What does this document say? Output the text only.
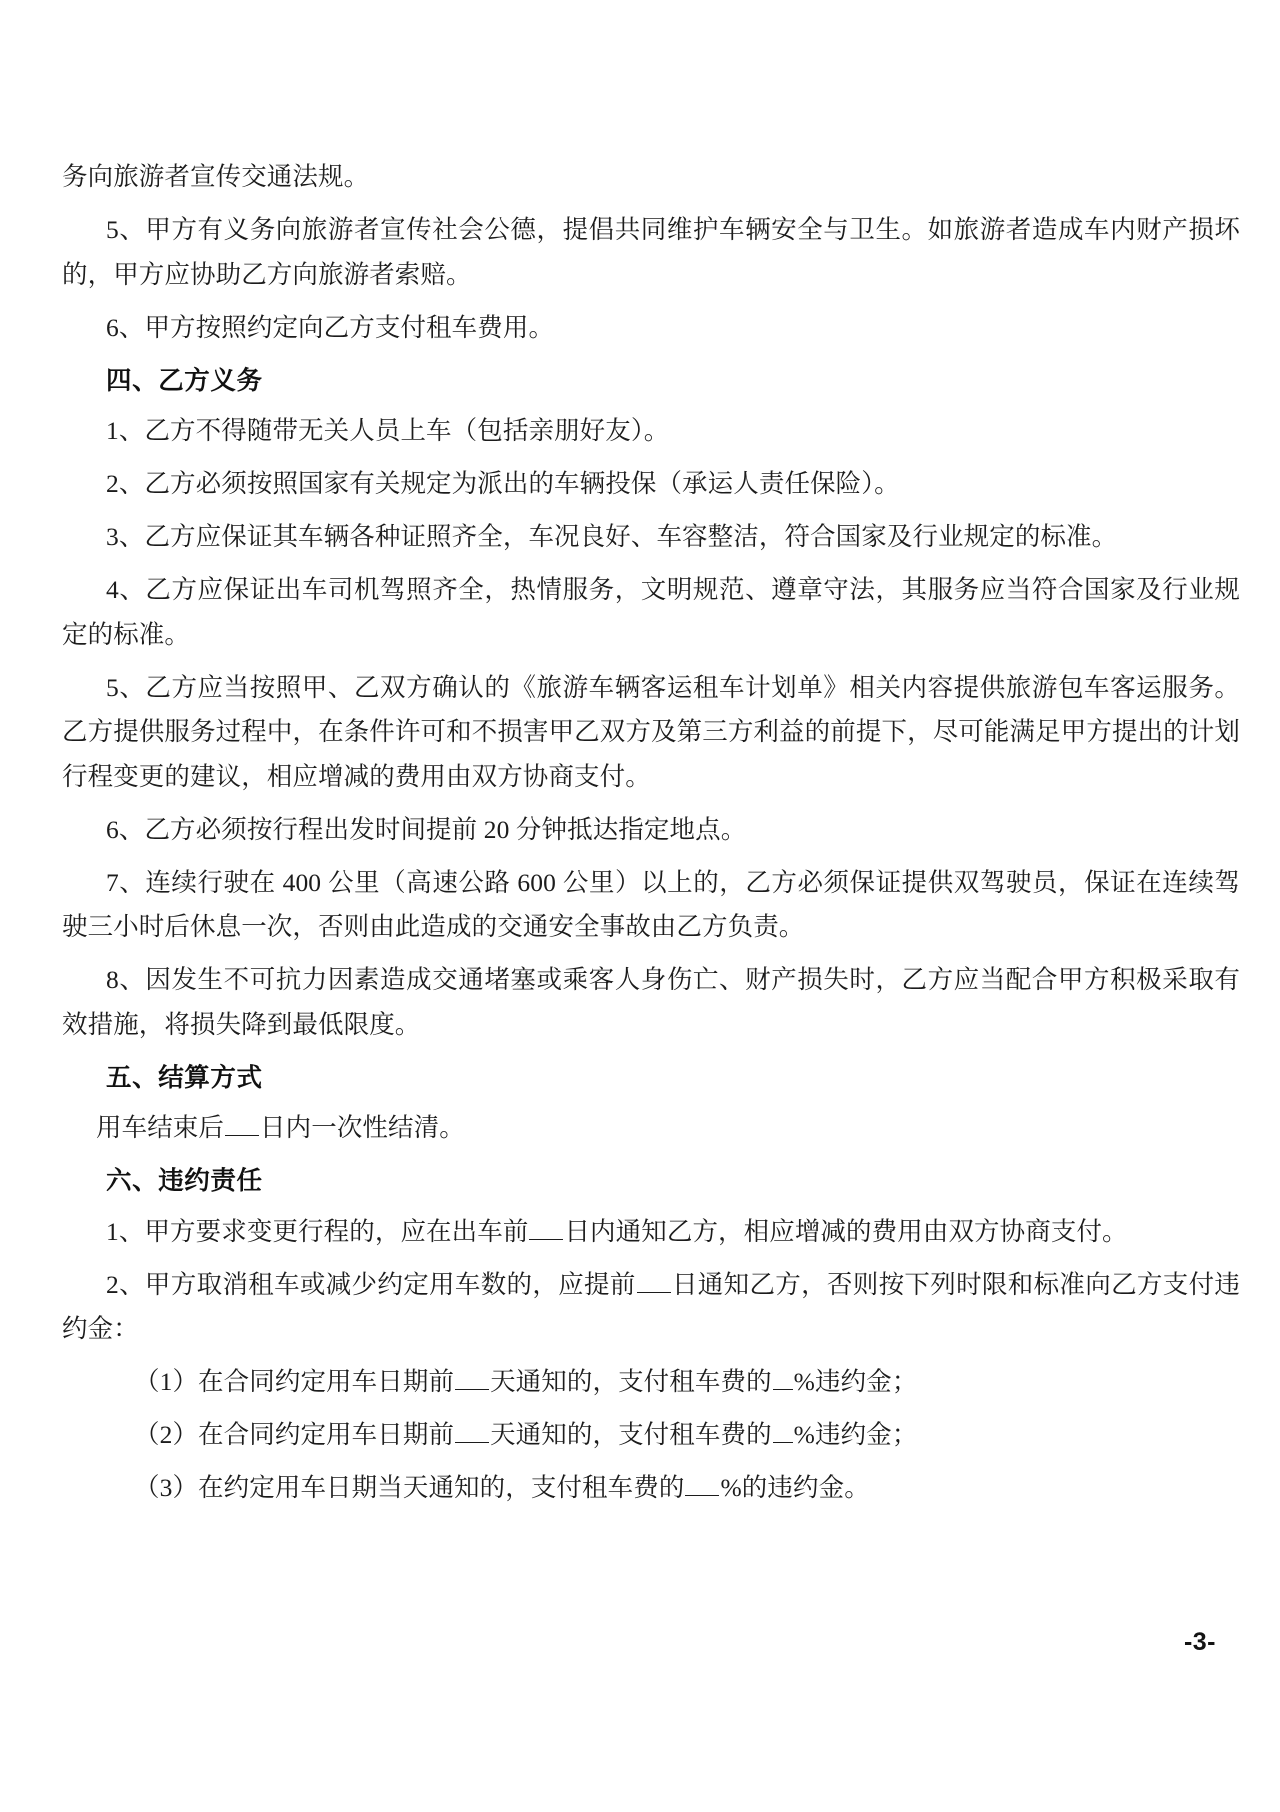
务向旅游者宣传交通法规。

5、甲方有义务向旅游者宣传社会公德，提倡共同维护车辆安全与卫生。如旅游者造成车内财产损坏的，甲方应协助乙方向旅游者索赔。

6、甲方按照约定向乙方支付租车费用。

四、乙方义务

1、乙方不得随带无关人员上车（包括亲朋好友）。

2、乙方必须按照国家有关规定为派出的车辆投保（承运人责任保险）。

3、乙方应保证其车辆各种证照齐全，车况良好、车容整洁，符合国家及行业规定的标准。

4、乙方应保证出车司机驾照齐全，热情服务，文明规范、遵章守法，其服务应当符合国家及行业规定的标准。

5、乙方应当按照甲、乙双方确认的《旅游车辆客运租车计划单》相关内容提供旅游包车客运服务。乙方提供服务过程中，在条件许可和不损害甲乙双方及第三方利益的前提下，尽可能满足甲方提出的计划行程变更的建议，相应增减的费用由双方协商支付。

6、乙方必须按行程出发时间提前 20 分钟抵达指定地点。

7、连续行驶在 400 公里（高速公路 600 公里）以上的，乙方必须保证提供双驾驶员，保证在连续驾驶三小时后休息一次，否则由此造成的交通安全事故由乙方负责。

8、因发生不可抗力因素造成交通堵塞或乘客人身伤亡、财产损失时，乙方应当配合甲方积极采取有效措施，将损失降到最低限度。

五、结算方式

用车结束后 日内一次性结清。

六、违约责任

1、甲方要求变更行程的，应在出车前 日内通知乙方，相应增减的费用由双方协商支付。

2、甲方取消租车或减少约定用车数的，应提前 日通知乙方，否则按下列时限和标准向乙方支付违约金：

（1）在合同约定用车日期前 天通知的，支付租车费的 %违约金；

（2）在合同约定用车日期前 天通知的，支付租车费的 %违约金；

（3）在约定用车日期当天通知的，支付租车费的 %的违约金。

-3-
